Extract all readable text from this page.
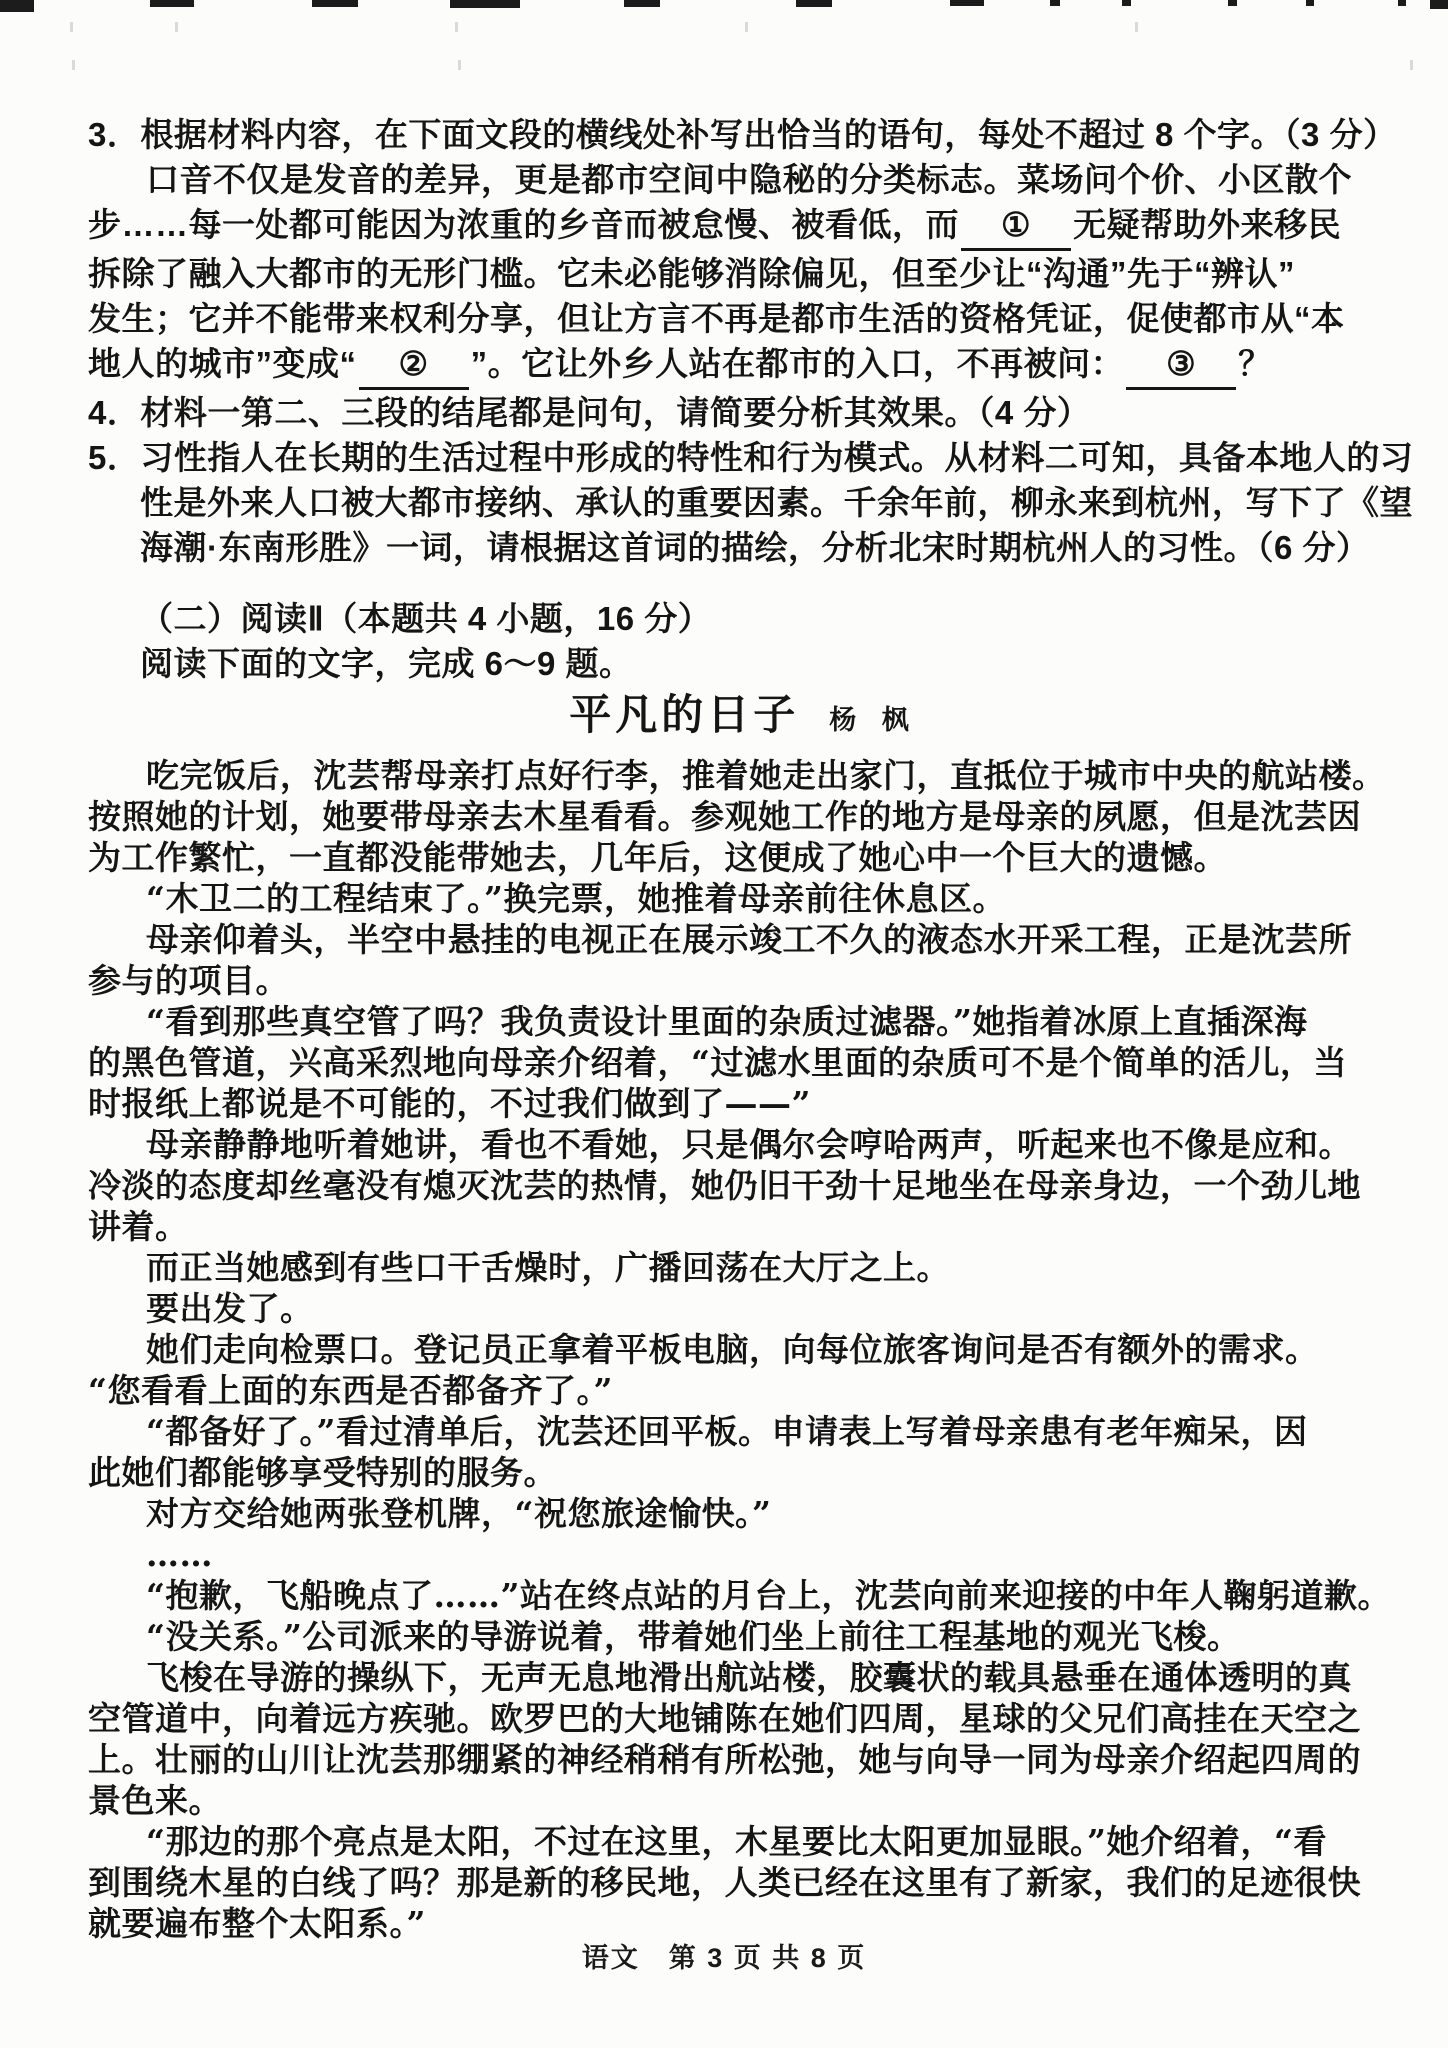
3．根据材料内容，在下面文段的横线处补写出恰当的语句，每处不超过 8 个字。（3 分）
口音不仅是发音的差异，更是都市空间中隐秘的分类标志。菜场问个价、小区散个
步……每一处都可能因为浓重的乡音而被怠慢、被看低，而 ① 无疑帮助外来移民
拆除了融入大都市的无形门槛。它未必能够消除偏见，但至少让“沟通”先于“辨认”
发生；它并不能带来权利分享，但让方言不再是都市生活的资格凭证，促使都市从“本
地人的城市”变成“ ② ”。它让外乡人站在都市的入口，不再被问： ③ ？
4．材料一第二、三段的结尾都是问句，请简要分析其效果。（4 分）
5．习性指人在长期的生活过程中形成的特性和行为模式。从材料二可知，具备本地人的习
性是外来人口被大都市接纳、承认的重要因素。千余年前，柳永来到杭州，写下了《望
海潮·东南形胜》一词，请根据这首词的描绘，分析北宋时期杭州人的习性。（6 分）
（二）阅读Ⅱ（本题共 4 小题，16 分）
阅读下面的文字，完成 6～9 题。
平凡的日子 杨 枫
吃完饭后，沈芸帮母亲打点好行李，推着她走出家门，直抵位于城市中央的航站楼。
按照她的计划，她要带母亲去木星看看。参观她工作的地方是母亲的夙愿，但是沈芸因
为工作繁忙，一直都没能带她去，几年后，这便成了她心中一个巨大的遗憾。
“木卫二的工程结束了。”换完票，她推着母亲前往休息区。
母亲仰着头，半空中悬挂的电视正在展示竣工不久的液态水开采工程，正是沈芸所
参与的项目。
“看到那些真空管了吗？我负责设计里面的杂质过滤器。”她指着冰原上直插深海
的黑色管道，兴高采烈地向母亲介绍着，“过滤水里面的杂质可不是个简单的活儿，当
时报纸上都说是不可能的，不过我们做到了——”
母亲静静地听着她讲，看也不看她，只是偶尔会哼哈两声，听起来也不像是应和。
冷淡的态度却丝毫没有熄灭沈芸的热情，她仍旧干劲十足地坐在母亲身边，一个劲儿地
讲着。
而正当她感到有些口干舌燥时，广播回荡在大厅之上。
要出发了。
她们走向检票口。登记员正拿着平板电脑，向每位旅客询问是否有额外的需求。
“您看看上面的东西是否都备齐了。”
“都备好了。”看过清单后，沈芸还回平板。申请表上写着母亲患有老年痴呆，因
此她们都能够享受特别的服务。
对方交给她两张登机牌，“祝您旅途愉快。”
……
“抱歉，飞船晚点了……”站在终点站的月台上，沈芸向前来迎接的中年人鞠躬道歉。
“没关系。”公司派来的导游说着，带着她们坐上前往工程基地的观光飞梭。
飞梭在导游的操纵下，无声无息地滑出航站楼，胶囊状的载具悬垂在通体透明的真
空管道中，向着远方疾驰。欧罗巴的大地铺陈在她们四周，星球的父兄们高挂在天空之
上。壮丽的山川让沈芸那绷紧的神经稍稍有所松弛，她与向导一同为母亲介绍起四周的
景色来。
“那边的那个亮点是太阳，不过在这里，木星要比太阳更加显眼。”她介绍着，“看
到围绕木星的白线了吗？那是新的移民地，人类已经在这里有了新家，我们的足迹很快
就要遍布整个太阳系。”
语文　第 3 页 共 8 页
